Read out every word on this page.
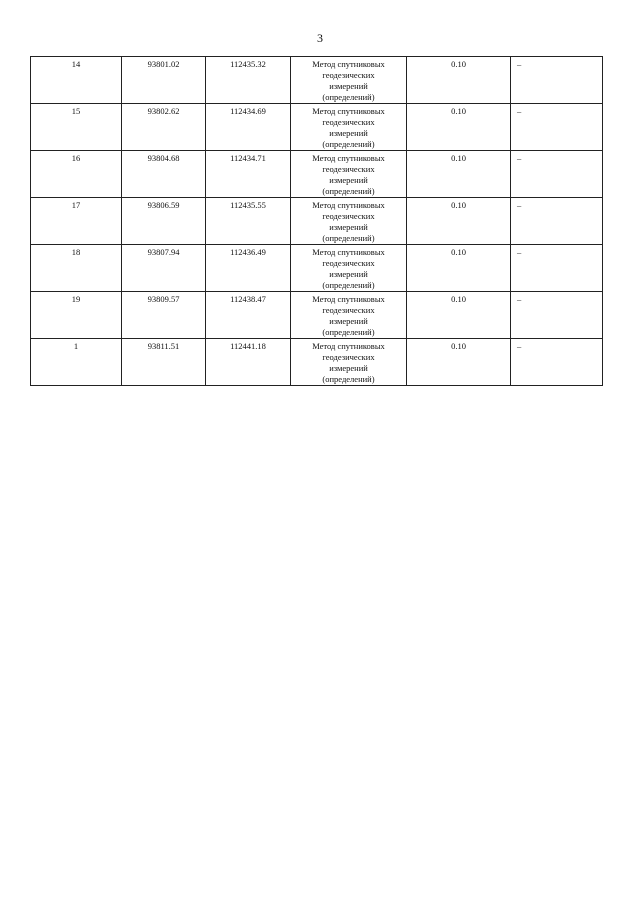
3
14	93801.02	112435.32	Метод спутниковых
геодезических
измерений
(определений)	0.10	–
15	93802.62	112434.69	Метод спутниковых
геодезических
измерений
(определений)	0.10	–
16	93804.68	112434.71	Метод спутниковых
геодезических
измерений
(определений)	0.10	–
17	93806.59	112435.55	Метод спутниковых
геодезических
измерений
(определений)	0.10	–
18	93807.94	112436.49	Метод спутниковых
геодезических
измерений
(определений)	0.10	–
19	93809.57	112438.47	Метод спутниковых
геодезических
измерений
(определений)	0.10	–
1	93811.51	112441.18	Метод спутниковых
геодезических
измерений
(определений)	0.10	–
